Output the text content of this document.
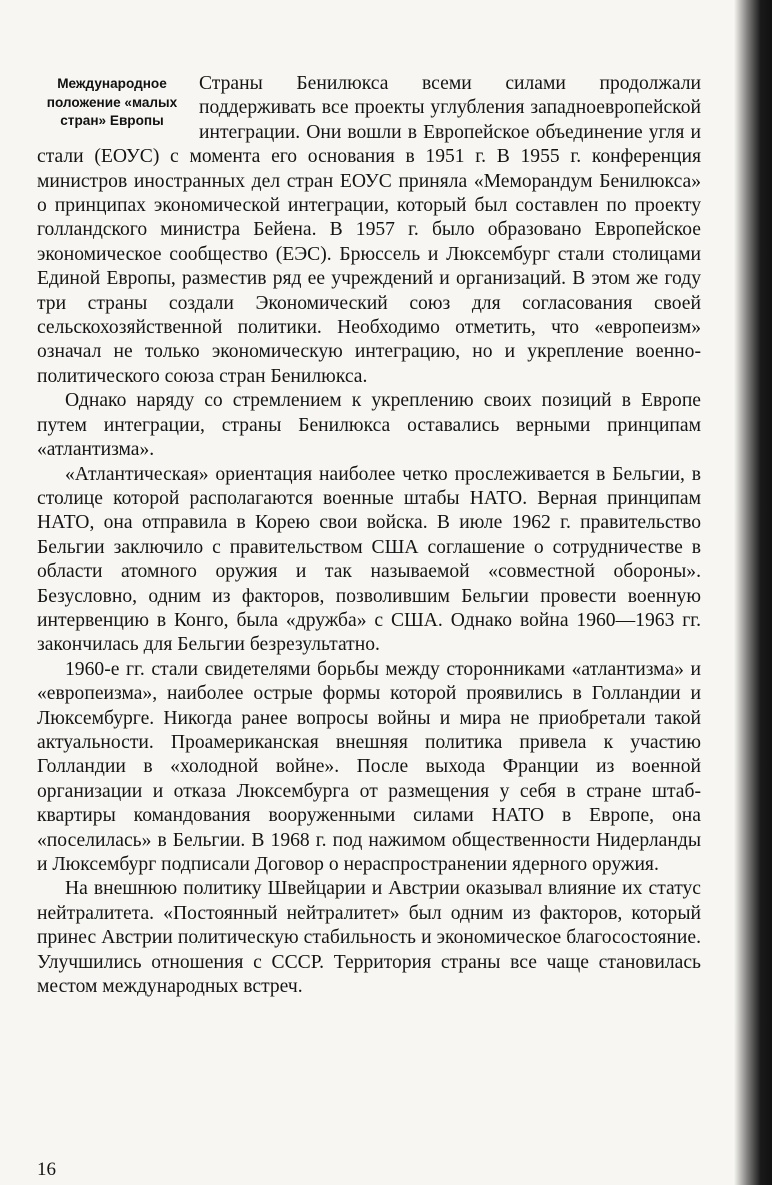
Международное положение «малых стран» Европы

Страны Бенилюкса всеми силами продолжали поддерживать все проекты углубления западноевропейской интеграции. Они вошли в Европейское объединение угля и стали (ЕОУС) с момента его основания в 1951 г. В 1955 г. конференция министров иностранных дел стран ЕОУС приняла «Меморандум Бенилюкса» о принципах экономической интеграции, который был составлен по проекту голландского министра Бейена. В 1957 г. было образовано Европейское экономическое сообщество (ЕЭС). Брюссель и Люксембург стали столицами Единой Европы, разместив ряд ее учреждений и организаций. В этом же году три страны создали Экономический союз для согласования своей сельскохозяйственной политики. Необходимо отметить, что «европеизм» означал не только экономическую интеграцию, но и укрепление военно-политического союза стран Бенилюкса.

Однако наряду со стремлением к укреплению своих позиций в Европе путем интеграции, страны Бенилюкса оставались верными принципам «атлантизма».

«Атлантическая» ориентация наиболее четко прослеживается в Бельгии, в столице которой располагаются военные штабы НАТО. Верная принципам НАТО, она отправила в Корею свои войска. В июле 1962 г. правительство Бельгии заключило с правительством США соглашение о сотрудничестве в области атомного оружия и так называемой «совместной обороны». Безусловно, одним из факторов, позволившим Бельгии провести военную интервенцию в Конго, была «дружба» с США. Однако война 1960—1963 гг. закончилась для Бельгии безрезультатно.

1960-е гг. стали свидетелями борьбы между сторонниками «атлантизма» и «европеизма», наиболее острые формы которой проявились в Голландии и Люксембурге. Никогда ранее вопросы войны и мира не приобретали такой актуальности. Проамериканская внешняя политика привела к участию Голландии в «холодной войне». После выхода Франции из военной организации и отказа Люксембурга от размещения у себя в стране штаб-квартиры командования вооруженными силами НАТО в Европе, она «поселилась» в Бельгии. В 1968 г. под нажимом общественности Нидерланды и Люксембург подписали Договор о нераспространении ядерного оружия.

На внешнюю политику Швейцарии и Австрии оказывал влияние их статус нейтралитета. «Постоянный нейтралитет» был одним из факторов, который принес Австрии политическую стабильность и экономическое благосостояние. Улучшились отношения с СССР. Территория страны все чаще становилась местом международных встреч.

16
